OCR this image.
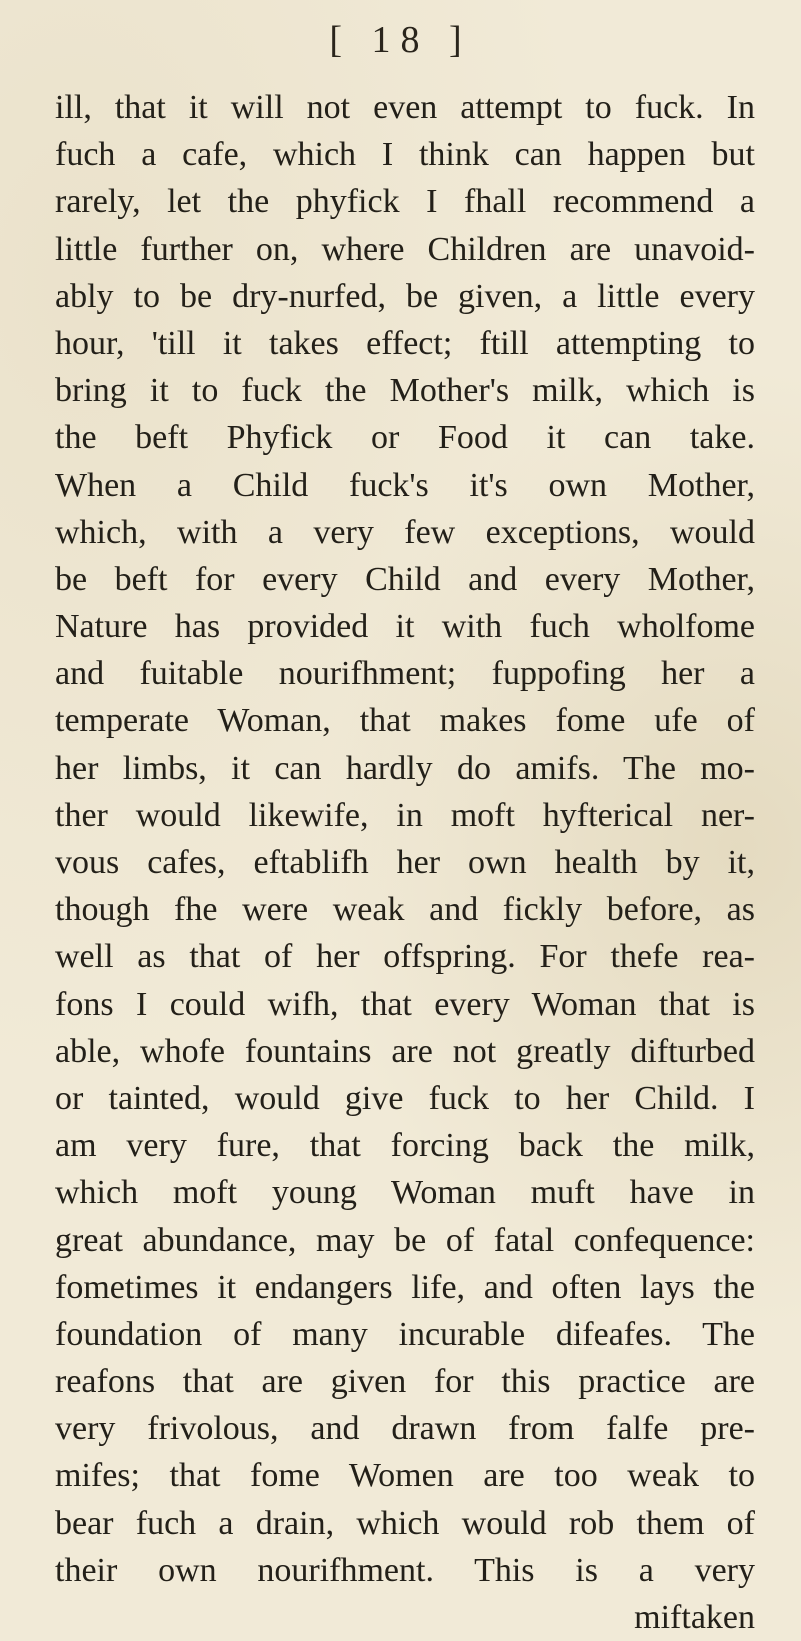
[ 18 ]
ill, that it will not even attempt to fuck. In
fuch a cafe, which I think can happen but
rarely, let the phyfick I fhall recommend a
little further on, where Children are unavoid-
ably to be dry-nurfed, be given, a little every
hour, 'till it takes effect; ftill attempting to
bring it to fuck the Mother's milk, which is
the beft Phyfick or Food it can take.
When a Child fuck's it's own Mother,
which, with a very few exceptions, would
be beft for every Child and every Mother,
Nature has provided it with fuch wholfome
and fuitable nourifhment; fuppofing her a
temperate Woman, that makes fome ufe of
her limbs, it can hardly do amifs. The mo-
ther would likewife, in moft hyfterical ner-
vous cafes, eftablifh her own health by it,
though fhe were weak and fickly before, as
well as that of her offspring. For thefe rea-
fons I could wifh, that every Woman that is
able, whofe fountains are not greatly difturbed
or tainted, would give fuck to her Child. I
am very fure, that forcing back the milk,
which moft young Woman muft have in
great abundance, may be of fatal confequence:
fometimes it endangers life, and often lays the
foundation of many incurable difeafes. The
reafons that are given for this practice are
very frivolous, and drawn from falfe pre-
mifes; that fome Women are too weak to
bear fuch a drain, which would rob them of
their own nourifhment. This is a very
miftaken
